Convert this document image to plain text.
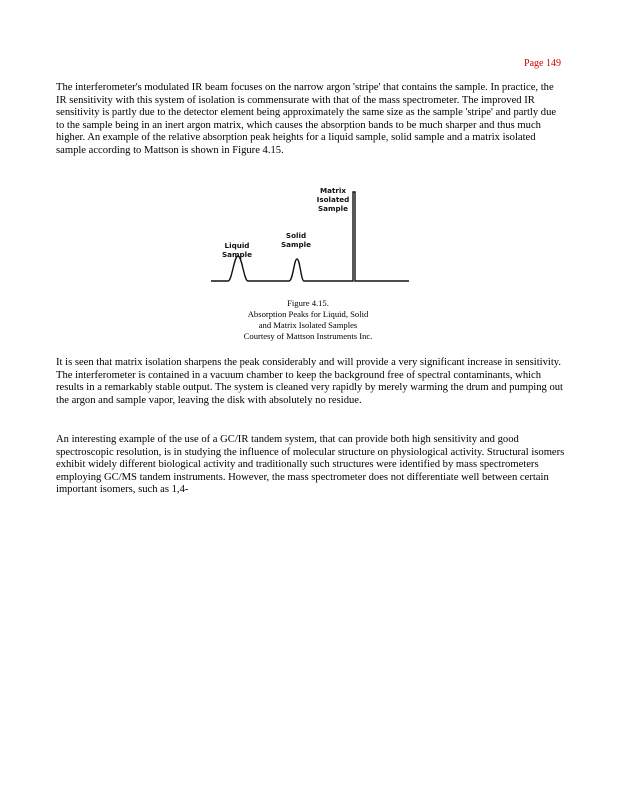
Page 149

The interferometer's modulated IR beam focuses on the narrow argon 'stripe' that contains the sample. In practice, the IR sensitivity with this system of isolation is commensurate with that of the mass spectrometer. The improved IR sensitivity is partly due to the detector element being approximately the same size as the sample 'stripe' and partly due to the sample being in an inert argon matrix, which causes the absorption bands to be much sharper and thus much higher. An example of the relative absorption peak heights for a liquid sample, solid sample and a matrix isolated sample according to Mattson is shown in Figure 4.15.

Liquid
Sample
Solid
Sample
Matrix
Isolated
Sample
Figure 4.15.
Absorption Peaks for Liquid, Solid
and Matrix Isolated Samples
Courtesy of Mattson Instruments Inc.

It is seen that matrix isolation sharpens the peak considerably and will provide a very significant increase in sensitivity. The interferometer is contained in a vacuum chamber to keep the background free of spectral contaminants, which results in a remarkably stable output. The system is cleaned very rapidly by merely warming the drum and pumping out the argon and sample vapor, leaving the disk with absolutely no residue.

An interesting example of the use of a GC/IR tandem system, that can provide both high sensitivity and good spectroscopic resolution, is in studying the influence of molecular structure on physiological activity. Structural isomers exhibit widely different biological activity and traditionally such structures were identified by mass spectrometers employing GC/MS tandem instruments. However, the mass spectrometer does not differentiate well between certain important isomers, such as 1,4-
